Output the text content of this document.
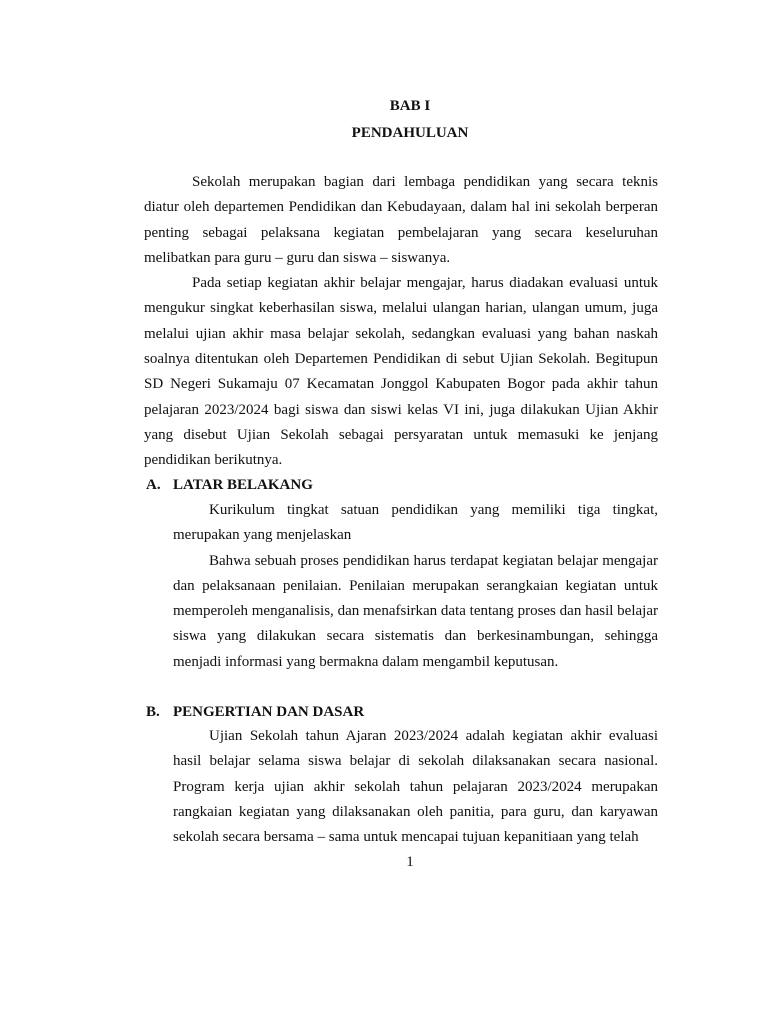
BAB I
PENDAHULUAN

Sekolah merupakan bagian dari lembaga pendidikan yang secara teknis diatur oleh departemen Pendidikan dan Kebudayaan, dalam hal ini sekolah berperan penting sebagai pelaksana kegiatan pembelajaran yang secara keseluruhan melibatkan para guru – guru dan siswa – siswanya.

Pada setiap kegiatan akhir belajar mengajar, harus diadakan evaluasi untuk mengukur singkat keberhasilan siswa, melalui ulangan harian, ulangan umum, juga melalui ujian akhir masa belajar sekolah, sedangkan evaluasi yang bahan naskah soalnya ditentukan oleh Departemen Pendidikan di sebut Ujian Sekolah. Begitupun SD Negeri Sukamaju 07 Kecamatan Jonggol Kabupaten Bogor pada akhir tahun pelajaran 2023/2024 bagi siswa dan siswi kelas VI ini, juga dilakukan Ujian Akhir yang disebut Ujian Sekolah sebagai persyaratan untuk memasuki ke jenjang pendidikan berikutnya.

A. LATAR BELAKANG

Kurikulum tingkat satuan pendidikan yang memiliki tiga tingkat, merupakan yang menjelaskan

Bahwa sebuah proses pendidikan harus terdapat kegiatan belajar mengajar dan pelaksanaan penilaian. Penilaian merupakan serangkaian kegiatan untuk memperoleh menganalisis, dan menafsirkan data tentang proses dan hasil belajar siswa yang dilakukan secara sistematis dan berkesinambungan, sehingga menjadi informasi yang bermakna dalam mengambil keputusan.

B. PENGERTIAN DAN DASAR

Ujian Sekolah tahun Ajaran 2023/2024 adalah kegiatan akhir evaluasi hasil belajar selama siswa belajar di sekolah dilaksanakan secara nasional. Program kerja ujian akhir sekolah tahun pelajaran 2023/2024 merupakan rangkaian kegiatan yang dilaksanakan oleh panitia, para guru, dan karyawan sekolah secara bersama – sama untuk mencapai tujuan kepanitiaan yang telah

1
